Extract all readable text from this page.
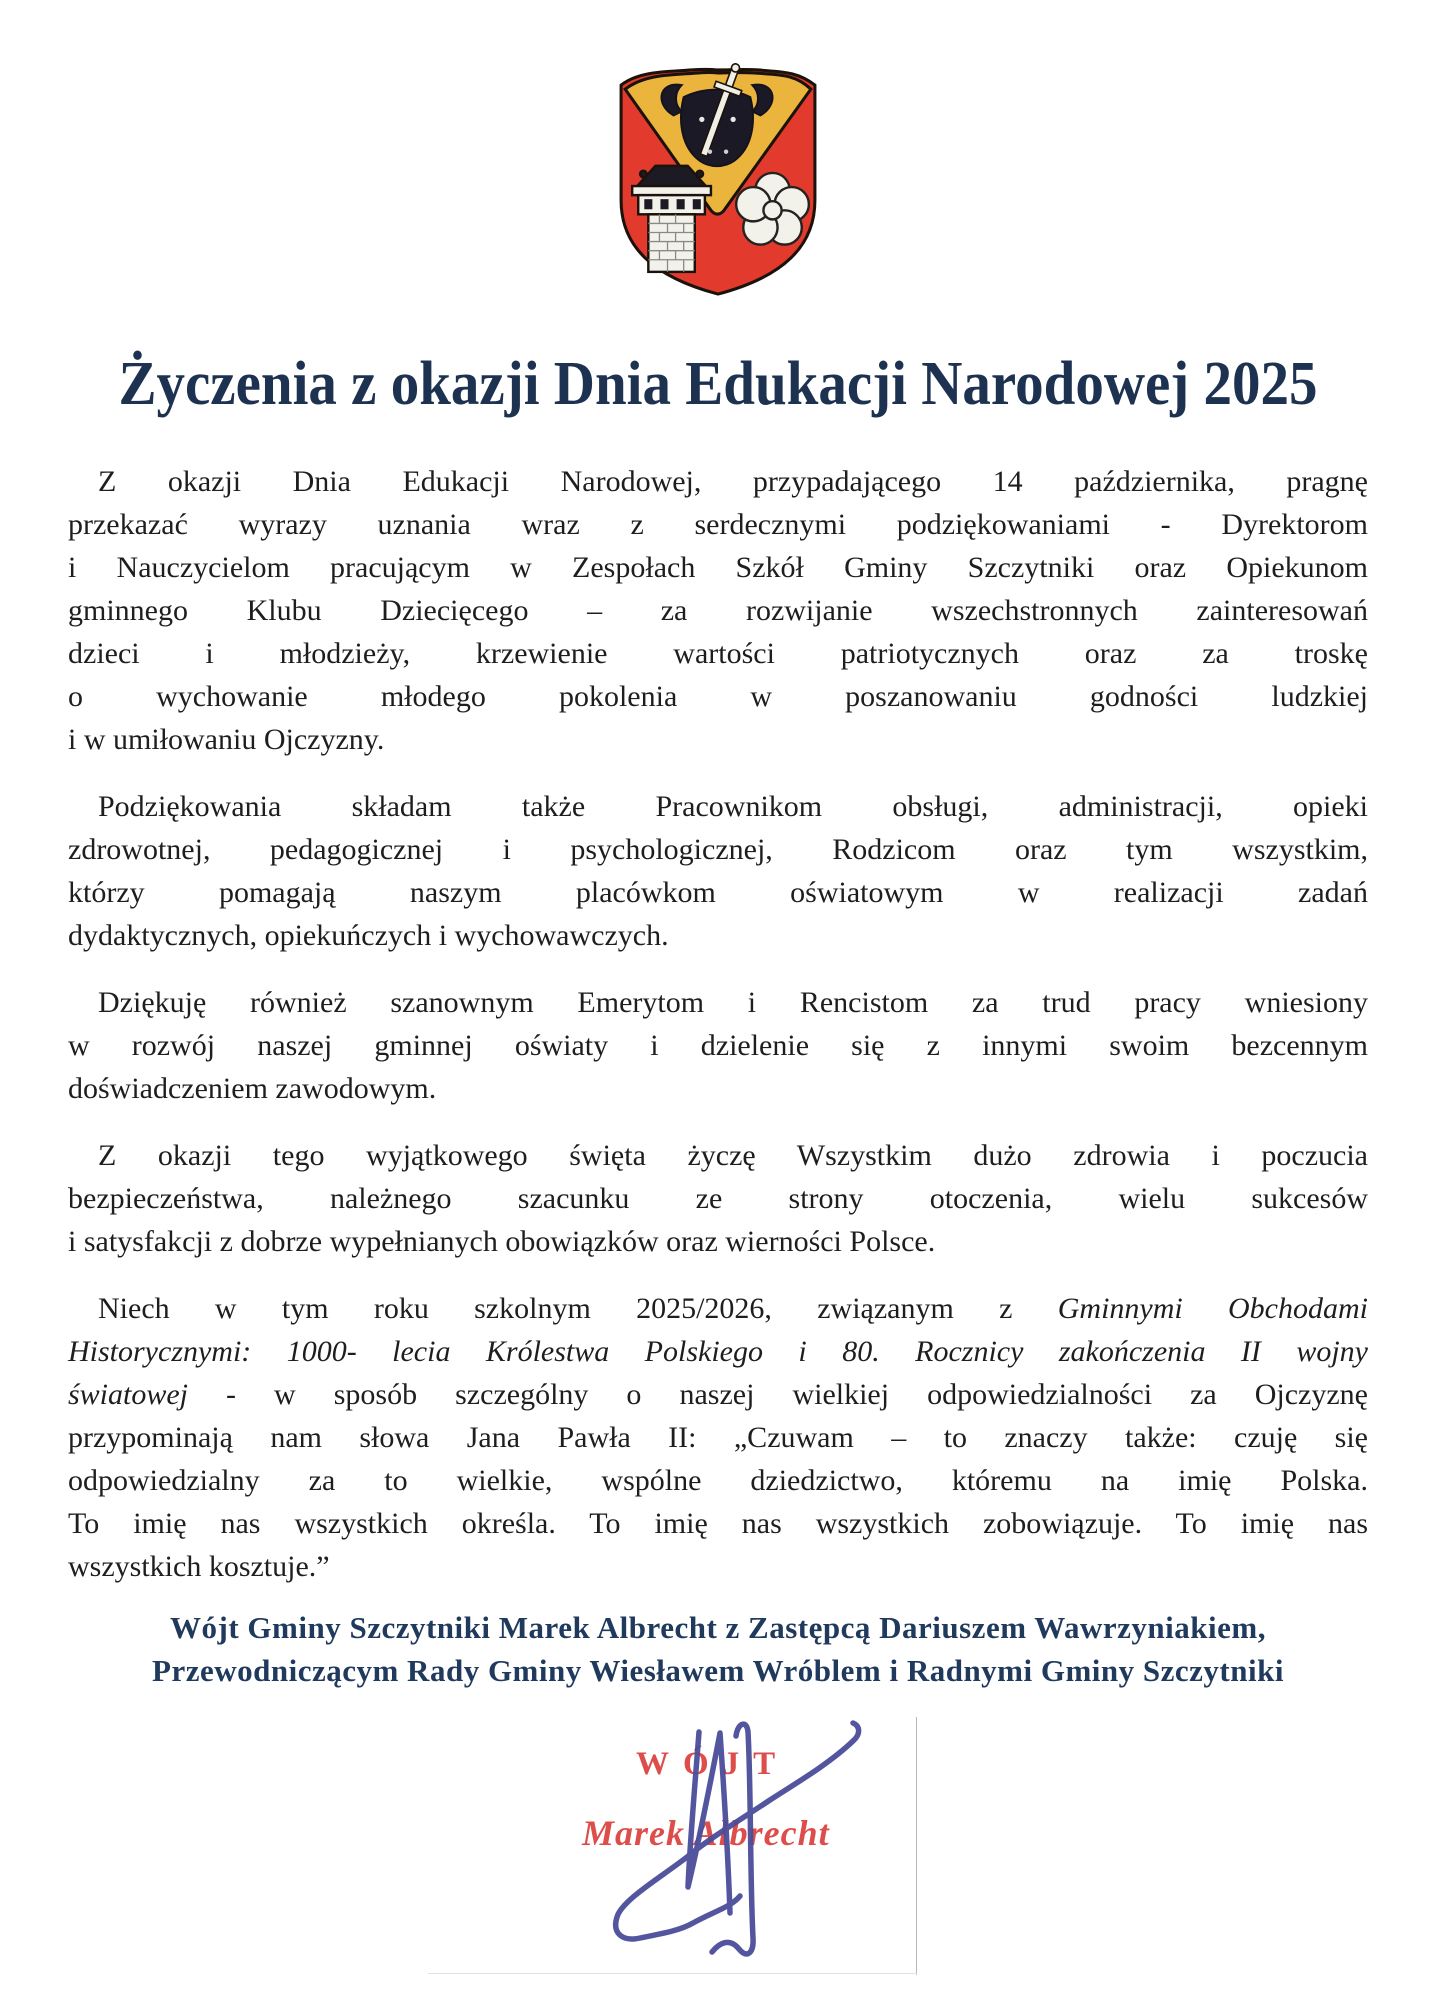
Życzenia z okazji Dnia Edukacji Narodowej 2025
Z okazji Dnia Edukacji Narodowej, przypadającego 14 października, pragnę
przekazać wyrazy uznania wraz z serdecznymi podziękowaniami - Dyrektorom
i Nauczycielom pracującym w Zespołach Szkół Gminy Szczytniki oraz Opiekunom
gminnego Klubu Dziecięcego – za rozwijanie wszechstronnych zainteresowań
dzieci i młodzieży, krzewienie wartości patriotycznych oraz za troskę
o wychowanie młodego pokolenia w poszanowaniu godności ludzkiej
i w umiłowaniu Ojczyzny.
Podziękowania składam także Pracownikom obsługi, administracji, opieki
zdrowotnej, pedagogicznej i psychologicznej, Rodzicom oraz tym wszystkim,
którzy pomagają naszym placówkom oświatowym w realizacji zadań
dydaktycznych, opiekuńczych i wychowawczych.
Dziękuję również szanownym Emerytom i Rencistom za trud pracy wniesiony
w rozwój naszej gminnej oświaty i dzielenie się z innymi swoim bezcennym
doświadczeniem zawodowym.
Z okazji tego wyjątkowego święta życzę Wszystkim dużo zdrowia i poczucia
bezpieczeństwa, należnego szacunku ze strony otoczenia, wielu sukcesów
i satysfakcji z dobrze wypełnianych obowiązków oraz wierności Polsce.
Niech w tym roku szkolnym 2025/2026, związanym z Gminnymi Obchodami
Historycznymi: 1000- lecia Królestwa Polskiego i 80. Rocznicy zakończenia II wojny
światowej - w sposób szczególny o naszej wielkiej odpowiedzialności za Ojczyznę
przypominają nam słowa Jana Pawła II: „Czuwam – to znaczy także: czuję się
odpowiedzialny za to wielkie, wspólne dziedzictwo, któremu na imię Polska.
To imię nas wszystkich określa. To imię nas wszystkich zobowiązuje. To imię nas
wszystkich kosztuje.”
Wójt Gminy Szczytniki Marek Albrecht z Zastępcą Dariuszem Wawrzyniakiem,
Przewodniczącym Rady Gminy Wiesławem Wróblem i Radnymi Gminy Szczytniki
WÓJT
Marek Albrecht
